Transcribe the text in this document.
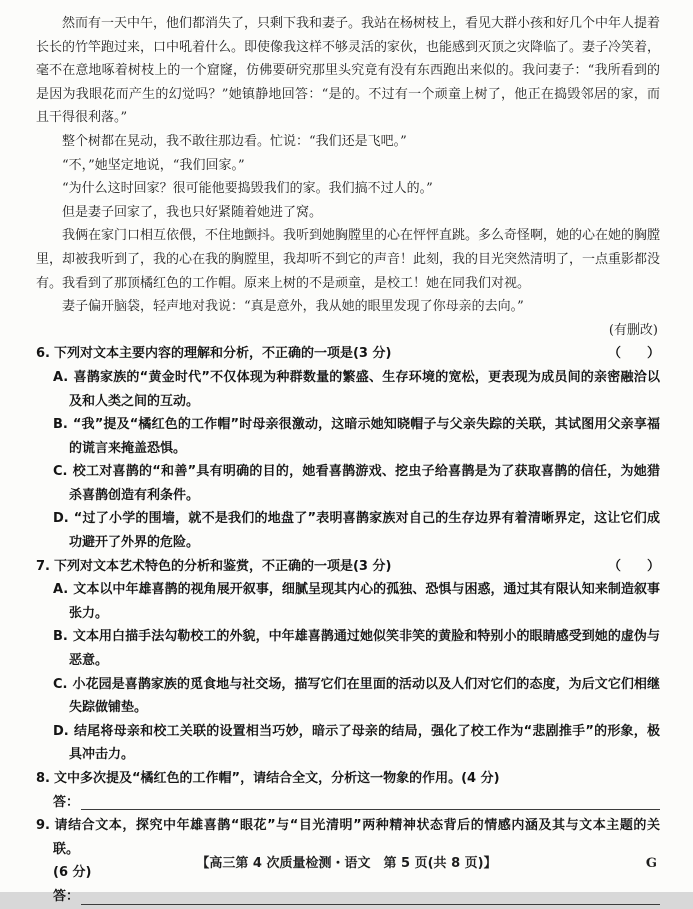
然而有一天中午，他们都消失了，只剩下我和妻子。我站在杨树枝上，看见大群小孩和好几个中年人提着长长的竹竿跑过来，口中吼着什么。即使像我这样不够灵活的家伙，也能感到灭顶之灾降临了。妻子冷笑着，毫不在意地啄着树枝上的一个窟窿，仿佛要研究那里头究竟有没有东西跑出来似的。我问妻子：“我所看到的是因为我眼花而产生的幻觉吗？”她镇静地回答：“是的。不过有一个顽童上树了，他正在捣毁邻居的家，而且干得很利落。”

整个树都在晃动，我不敢往那边看。忙说：“我们还是飞吧。”

“不，”她坚定地说，“我们回家。”

“为什么这时回家？很可能他要捣毁我们的家。我们搞不过人的。”

但是妻子回家了，我也只好紧随着她进了窝。

我俩在家门口相互依偎，不住地颤抖。我听到她胸膛里的心在怦怦直跳。多么奇怪啊，她的心在她的胸膛里，却被我听到了，我的心在我的胸膛里，我却听不到它的声音！此刻，我的目光突然清明了，一点重影都没有。我看到了那顶橘红色的工作帽。原来上树的不是顽童，是校工！她在同我们对视。

妻子偏开脑袋，轻声地对我说：“真是意外，我从她的眼里发现了你母亲的去向。”

(有删改)
6. 下列对文本主要内容的理解和分析，不正确的一项是(3 分)	（　　）
A. 喜鹊家族的“黄金时代”不仅体现为种群数量的繁盛、生存环境的宽松，更表现为成员间的亲密融洽以及和人类之间的互动。
B. “我”提及“橘红色的工作帽”时母亲很激动，这暗示她知晓帽子与父亲失踪的关联，其试图用父亲享福的谎言来掩盖恐惧。
C. 校工对喜鹊的“和善”具有明确的目的，她看喜鹊游戏、挖虫子给喜鹊是为了获取喜鹊的信任，为她猎杀喜鹊创造有利条件。
D. “过了小学的围墙，就不是我们的地盘了”表明喜鹊家族对自己的生存边界有着清晰界定，这让它们成功避开了外界的危险。
7. 下列对文本艺术特色的分析和鉴赏，不正确的一项是(3 分)	（　　）
A. 文本以中年雄喜鹊的视角展开叙事，细腻呈现其内心的孤独、恐惧与困惑，通过其有限认知来制造叙事张力。
B. 文本用白描手法勾勒校工的外貌，中年雄喜鹊通过她似笑非笑的黄脸和特别小的眼睛感受到她的虚伪与恶意。
C. 小花园是喜鹊家族的觅食地与社交场，描写它们在里面的活动以及人们对它们的态度，为后文它们相继失踪做铺垫。
D. 结尾将母亲和校工关联的设置相当巧妙，暗示了母亲的结局，强化了校工作为“悲剧推手”的形象，极具冲击力。
8. 文中多次提及“橘红色的工作帽”，请结合全文，分析这一物象的作用。(4 分)
答：
9. 请结合文本，探究中年雄喜鹊“眼花”与“目光清明”两种精神状态背后的情感内涵及其与文本主题的关联。
(6 分)
答：
【高三第 4 次质量检测・语文　第 5 页(共 8 页)】	G
